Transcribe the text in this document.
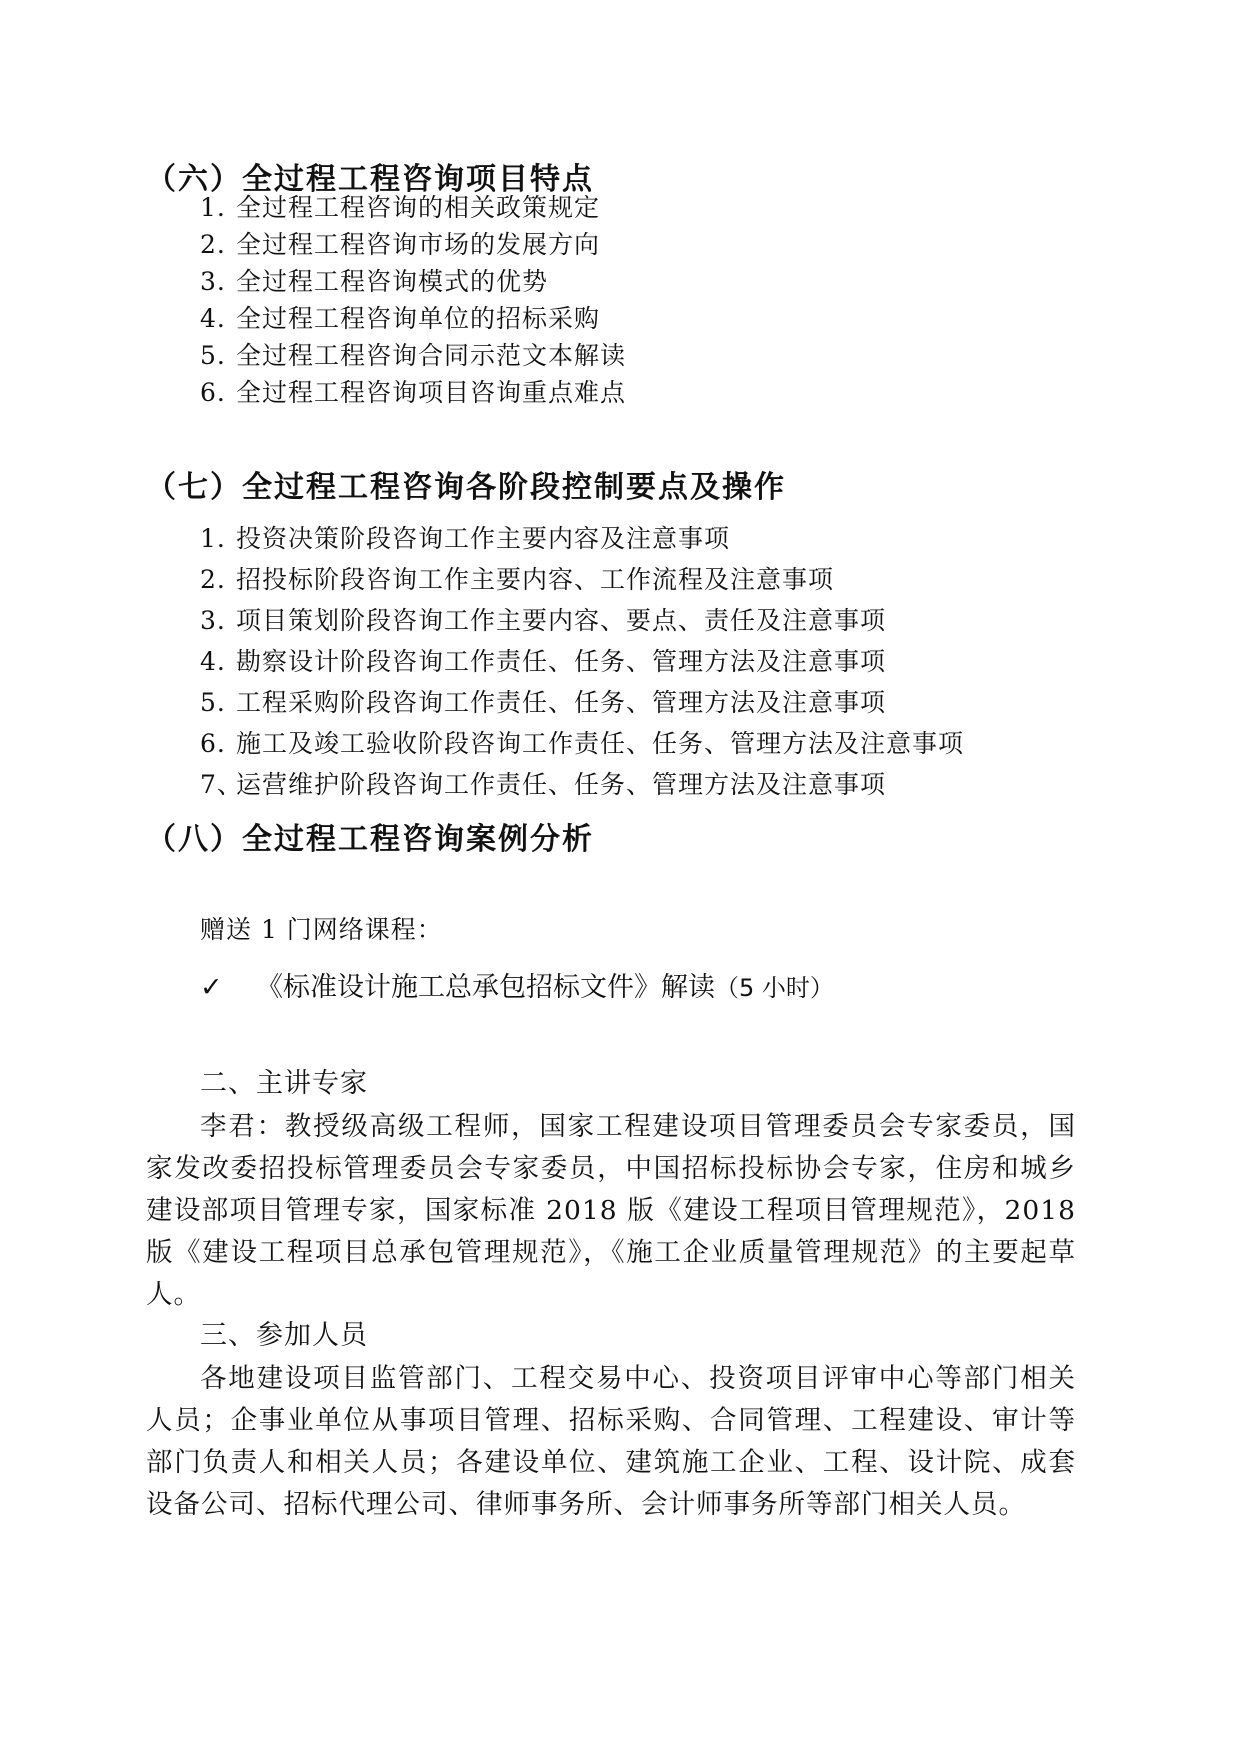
（六）全过程工程咨询项目特点
1. 全过程工程咨询的相关政策规定
2. 全过程工程咨询市场的发展方向
3. 全过程工程咨询模式的优势
4. 全过程工程咨询单位的招标采购
5. 全过程工程咨询合同示范文本解读
6. 全过程工程咨询项目咨询重点难点
（七）全过程工程咨询各阶段控制要点及操作
1. 投资决策阶段咨询工作主要内容及注意事项
2. 招投标阶段咨询工作主要内容、工作流程及注意事项
3. 项目策划阶段咨询工作主要内容、要点、责任及注意事项
4. 勘察设计阶段咨询工作责任、任务、管理方法及注意事项
5. 工程采购阶段咨询工作责任、任务、管理方法及注意事项
6. 施工及竣工验收阶段咨询工作责任、任务、管理方法及注意事项
7、运营维护阶段咨询工作责任、任务、管理方法及注意事项
（八）全过程工程咨询案例分析
赠送 1 门网络课程：
✓ 《标准设计施工总承包招标文件》解读（5 小时）
二、主讲专家

李君：教授级高级工程师，国家工程建设项目管理委员会专家委员，国家发改委招投标管理委员会专家委员，中国招标投标协会专家，住房和城乡建设部项目管理专家，国家标准 2018 版《建设工程项目管理规范》，2018 版《建设工程项目总承包管理规范》，《施工企业质量管理规范》的主要起草人。

三、参加人员

各地建设项目监管部门、工程交易中心、投资项目评审中心等部门相关人员；企事业单位从事项目管理、招标采购、合同管理、工程建设、审计等部门负责人和相关人员；各建设单位、建筑施工企业、工程、设计院、成套设备公司、招标代理公司、律师事务所、会计师事务所等部门相关人员。
